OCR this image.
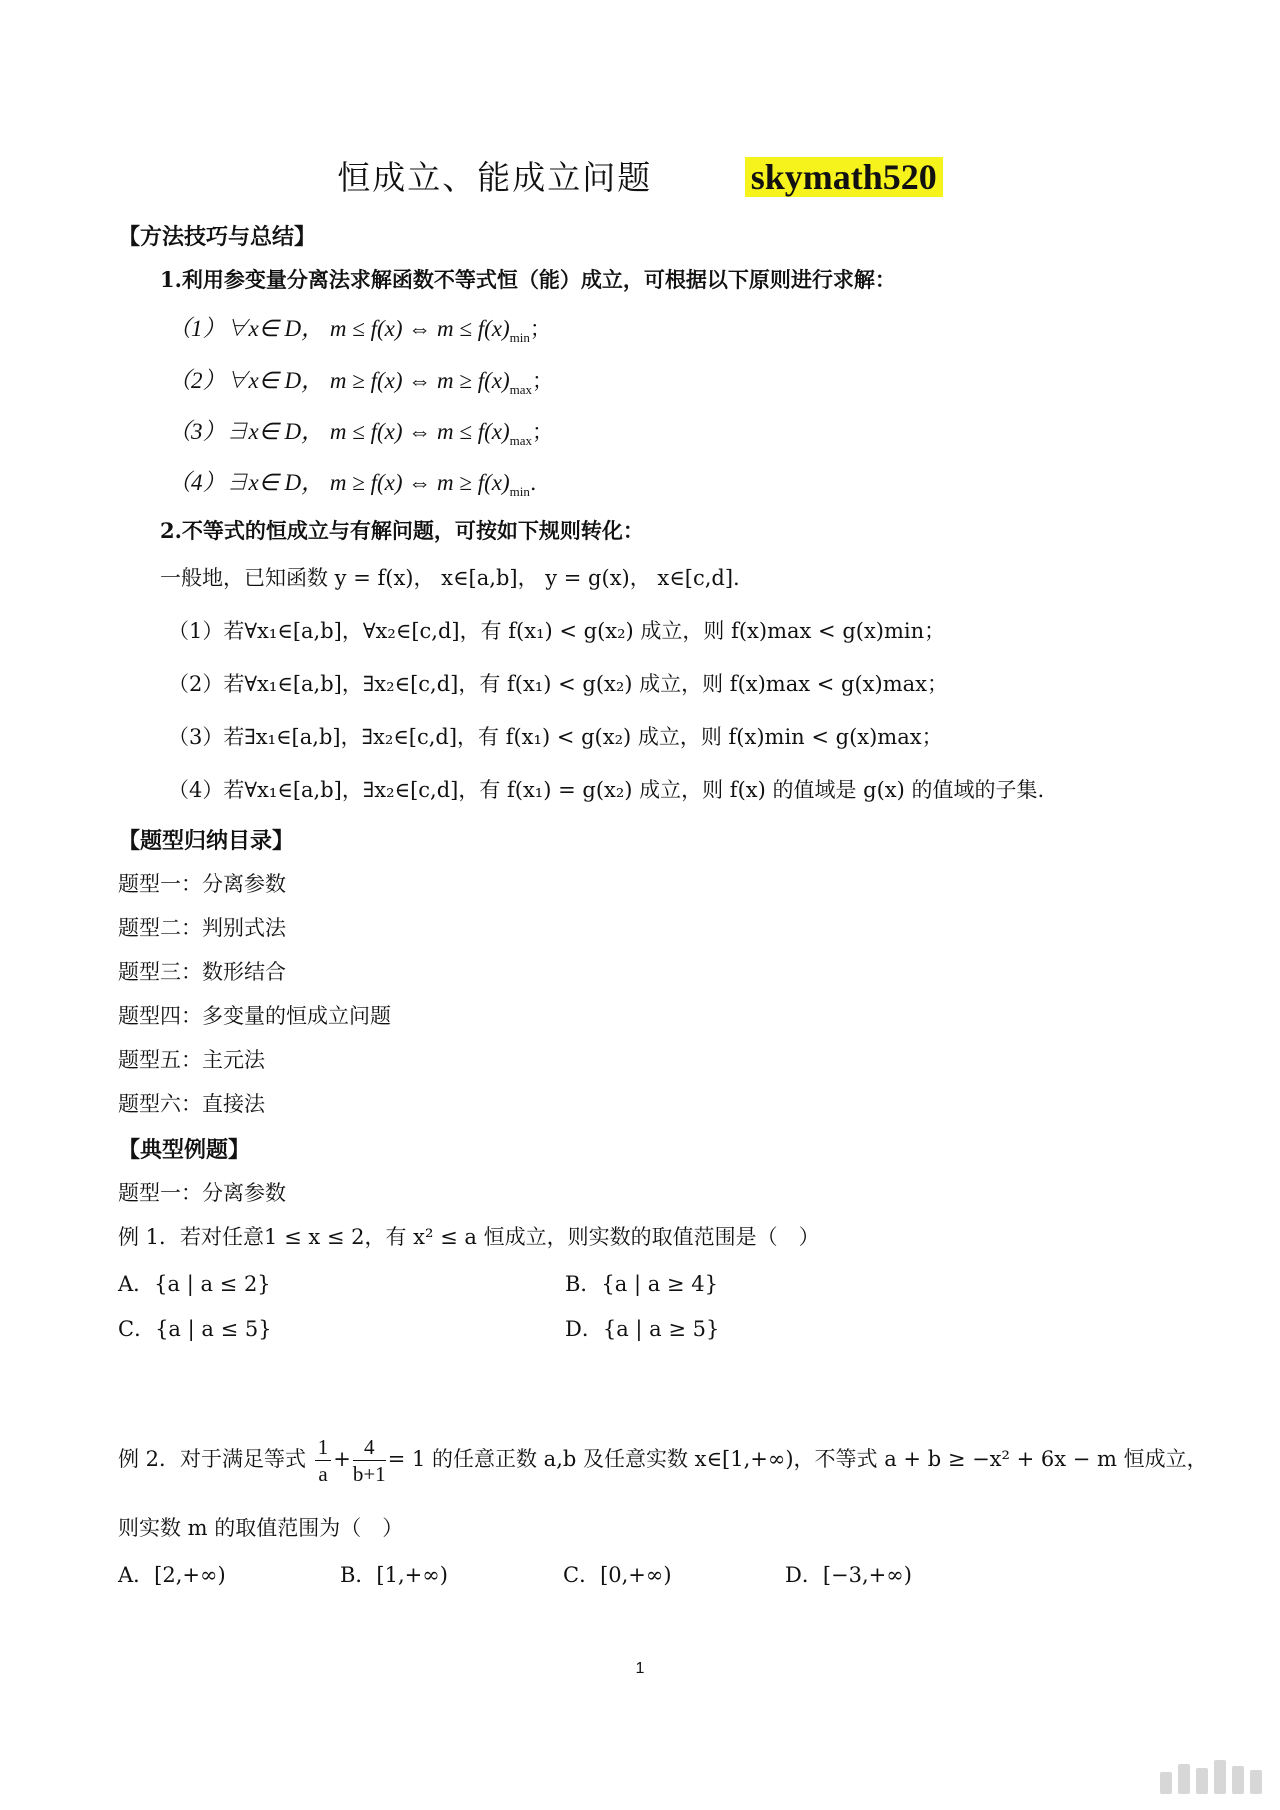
恒成立、能成立问题	skymath520
【方法技巧与总结】
1.利用参变量分离法求解函数不等式恒（能）成立，可根据以下原则进行求解：
（1）∀x∈ D， m ≤ f(x) ⇔ $m \le f(x)_{min}$；
（2）∀x∈ D， m ≥ f(x) ⇔ $m \ge f(x)_{max}$；
（3）∃x∈ D， m ≤ f(x) ⇔ $m \le f(x)_{max}$；
（4）∃x∈ D， m ≥ f(x) ⇔ $m \ge f(x)_{min}$.
2.不等式的恒成立与有解问题，可按如下规则转化：
一般地，已知函数 y = f(x)， x∈[a,b]， y = g(x)， x∈[c,d].
（1）若∀x₁∈[a,b]，∀x₂∈[c,d]，有 f(x₁) < g(x₂) 成立，则 f(x)max < g(x)min；
（2）若∀x₁∈[a,b]，∃x₂∈[c,d]，有 f(x₁) < g(x₂) 成立，则 f(x)max < g(x)max；
（3）若∃x₁∈[a,b]，∃x₂∈[c,d]，有 f(x₁) < g(x₂) 成立，则 f(x)min < g(x)max；
（4）若∀x₁∈[a,b]，∃x₂∈[c,d]，有 f(x₁) = g(x₂) 成立，则 f(x) 的值域是 g(x) 的值域的子集.
【题型归纳目录】
题型一：分离参数
题型二：判别式法
题型三：数形结合
题型四：多变量的恒成立问题
题型五：主元法
题型六：直接法
【典型例题】
题型一：分离参数
例 1．若对任意1 ≤ x ≤ 2，有 x² ≤ a 恒成立，则实数的取值范围是（　）
A．{a | a ≤ 2}	B．{a | a ≥ 4}
C．{a | a ≤ 5}	D．{a | a ≥ 5}
例 2．对于满足等式 $\frac{1}{a} + \frac{4}{b+1} = 1$ 的任意正数 a,b 及任意实数 x∈[1,+∞)，不等式 a + b ≥ −x² + 6x − m 恒成立，
则实数 m 的取值范围为（　）
A．[2,+∞)	B．[1,+∞)	C．[0,+∞)	D．[−3,+∞)
1
